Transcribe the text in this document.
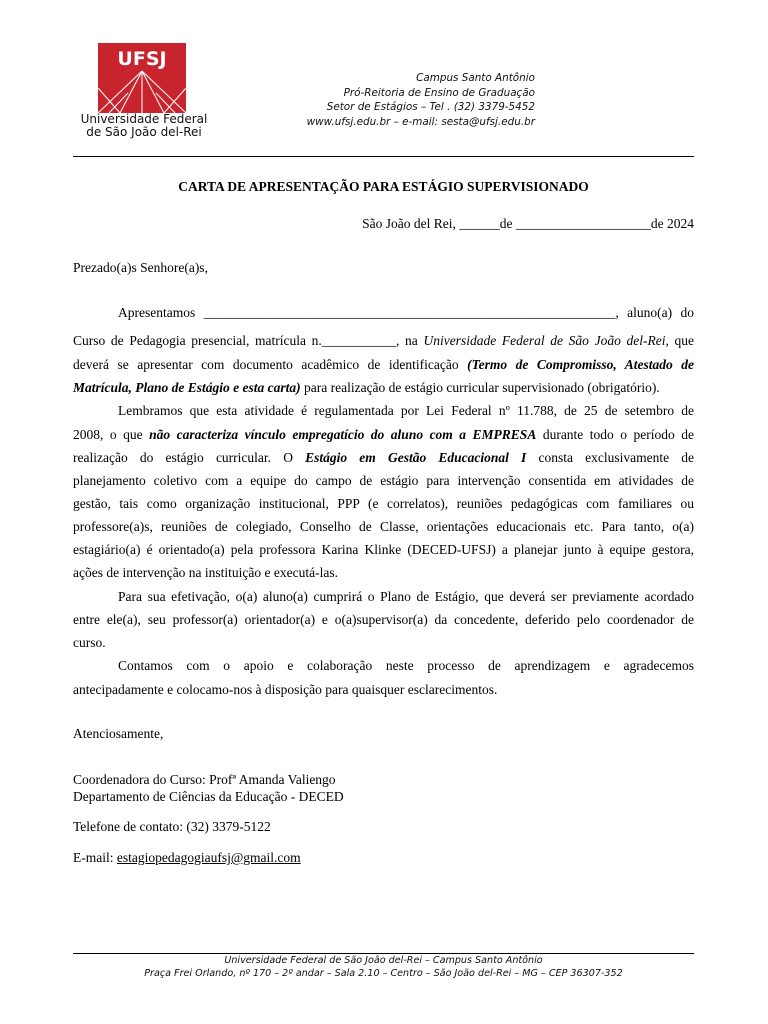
UFSJ
Universidade Federal
de São João del-Rei
Campus Santo Antônio
Pró-Reitoria de Ensino de Graduação
Setor de Estágios – Tel . (32) 3379-5452
www.ufsj.edu.br – e-mail: sesta@ufsj.edu.br
CARTA DE APRESENTAÇÃO PARA ESTÁGIO SUPERVISIONADO
São João del Rei, ______de ____________________de 2024
Prezado(a)s Senhore(a)s,
Apresentamos _____________________________________________________________, aluno(a) do
Curso de Pedagogia presencial, matrícula n.___________, na Universidade Federal de São João del-Rei, que
deverá se apresentar com documento acadêmico de identificação (Termo de Compromisso, Atestado de
Matrícula, Plano de Estágio e esta carta) para realização de estágio curricular supervisionado (obrigatório).
Lembramos que esta atividade é regulamentada por Lei Federal nº 11.788, de 25 de setembro de
2008, o que não caracteriza vínculo empregatício do aluno com a EMPRESA durante todo o período de
realização do estágio curricular. O Estágio em Gestão Educacional I consta exclusivamente de
planejamento coletivo com a equipe do campo de estágio para intervenção consentida em atividades de
gestão, tais como organização institucional, PPP (e correlatos), reuniões pedagógicas com familiares ou
professore(a)s, reuniões de colegiado, Conselho de Classe, orientações educacionais etc. Para tanto, o(a)
estagiário(a) é orientado(a) pela professora Karina Klinke (DECED-UFSJ) a planejar junto à equipe gestora,
ações de intervenção na instituição e executá-las.
Para sua efetivação, o(a) aluno(a) cumprirá o Plano de Estágio, que deverá ser previamente acordado
entre ele(a), seu professor(a) orientador(a) e o(a)supervisor(a) da concedente, deferido pelo coordenador de
curso.
Contamos com o apoio e colaboração neste processo de aprendizagem e agradecemos
antecipadamente e colocamo-nos à disposição para quaisquer esclarecimentos.
Atenciosamente,
Coordenadora do Curso: Profª Amanda Valiengo
Departamento de Ciências da Educação - DECED
Telefone de contato: (32) 3379-5122
E-mail: estagiopedagogiaufsj@gmail.com
Universidade Federal de São João del-Rei – Campus Santo Antônio
Praça Frei Orlando, nº 170 – 2º andar – Sala 2.10 – Centro – São João del-Rei – MG – CEP 36307-352
